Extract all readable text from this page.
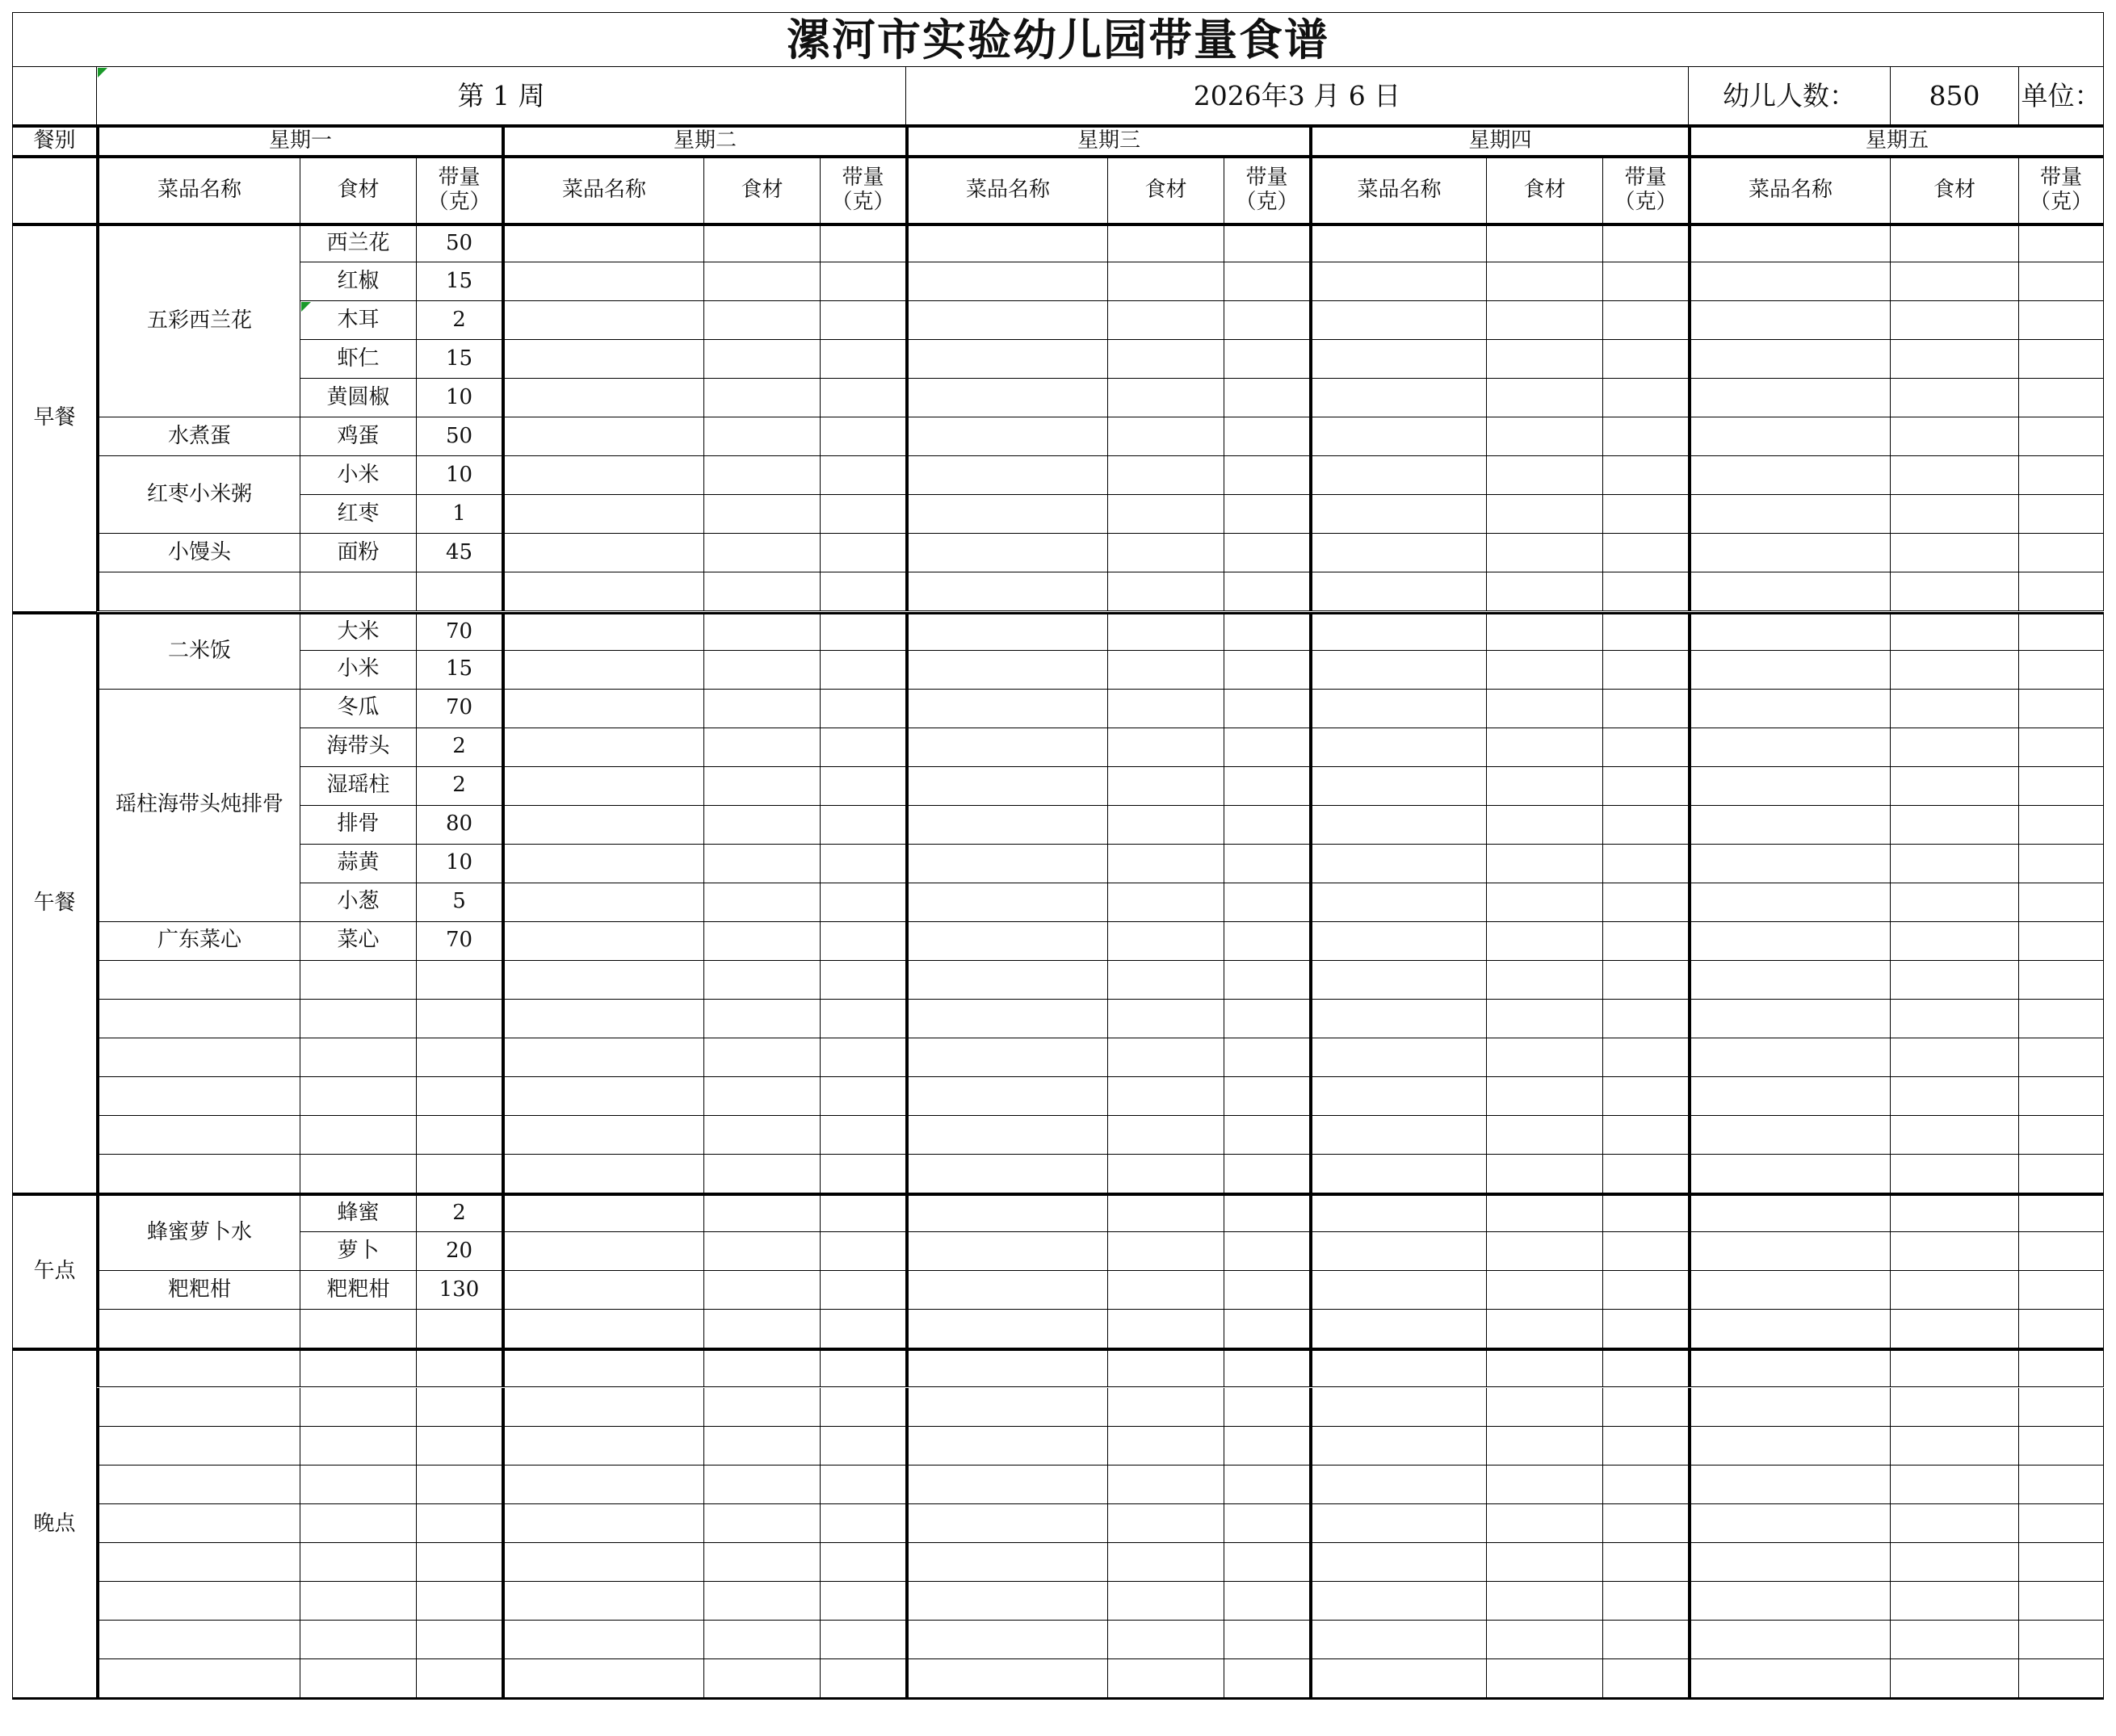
漯河市实验幼儿园带量食谱
第 1 周	2026年3 月 6 日	幼儿人数：	850	单位：
餐别	星期一
菜品名称	食材	带量（克）
星期二
菜品名称	食材	带量（克）
星期三
菜品名称	食材	带量（克）
星期四
菜品名称	食材	带量（克）
星期五
菜品名称	食材	带量（克）
早餐
五彩西兰花
西兰花	50
红椒	15
木耳	2
虾仁	15
黄圆椒	10
水煮蛋	鸡蛋	50
红枣小米粥
小米	10
红枣	1
小馒头	面粉	45
午餐
二米饭
大米	70
小米	15
瑶柱海带头炖排骨
冬瓜	70
海带头	2
湿瑶柱	2
排骨	80
蒜黄	10
小葱	5
广东菜心	菜心	70
午点
蜂蜜萝卜水
蜂蜜	2
萝卜	20
粑粑柑	粑粑柑	130
晚点
